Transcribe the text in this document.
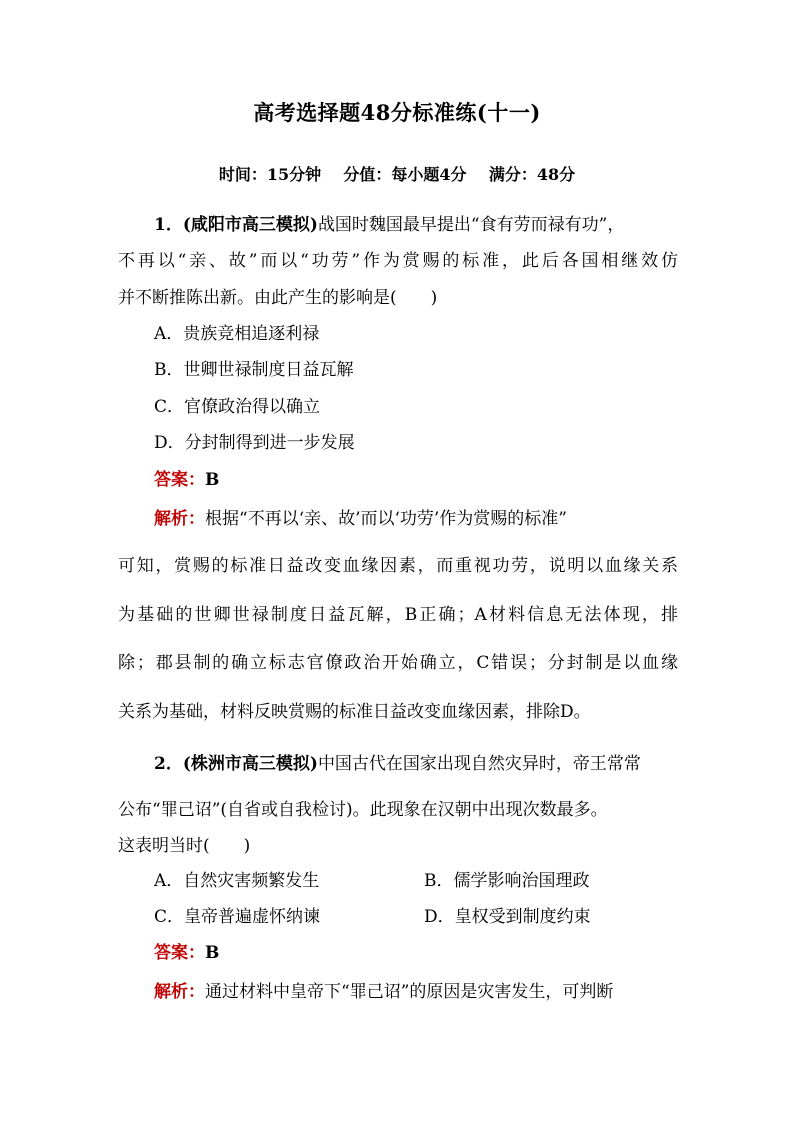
高考选择题48分标准练(十一)
时间：15分钟 分值：每小题4分 满分：48分
1．(咸阳市高三模拟)战国时魏国最早提出“食有劳而禄有功”，
不再以“亲、故”而以“功劳”作为赏赐的标准，此后各国相继效仿
并不断推陈出新。由此产生的影响是(　　)
A．贵族竞相追逐利禄
B．世卿世禄制度日益瓦解
C．官僚政治得以确立
D．分封制得到进一步发展
答案：B
解析：根据“不再以‘亲、故’而以‘功劳’作为赏赐的标准”
可知，赏赐的标准日益改变血缘因素，而重视功劳，说明以血缘关系
为基础的世卿世禄制度日益瓦解，B正确；A材料信息无法体现，排
除；郡县制的确立标志官僚政治开始确立，C错误；分封制是以血缘
关系为基础，材料反映赏赐的标准日益改变血缘因素，排除D。
2．(株洲市高三模拟)中国古代在国家出现自然灾异时，帝王常常
公布“罪己诏”(自省或自我检讨)。此现象在汉朝中出现次数最多。
这表明当时(　　)
A．自然灾害频繁发生	B．儒学影响治国理政
C．皇帝普遍虚怀纳谏	D．皇权受到制度约束
答案：B
解析：通过材料中皇帝下“罪己诏”的原因是灾害发生，可判断
